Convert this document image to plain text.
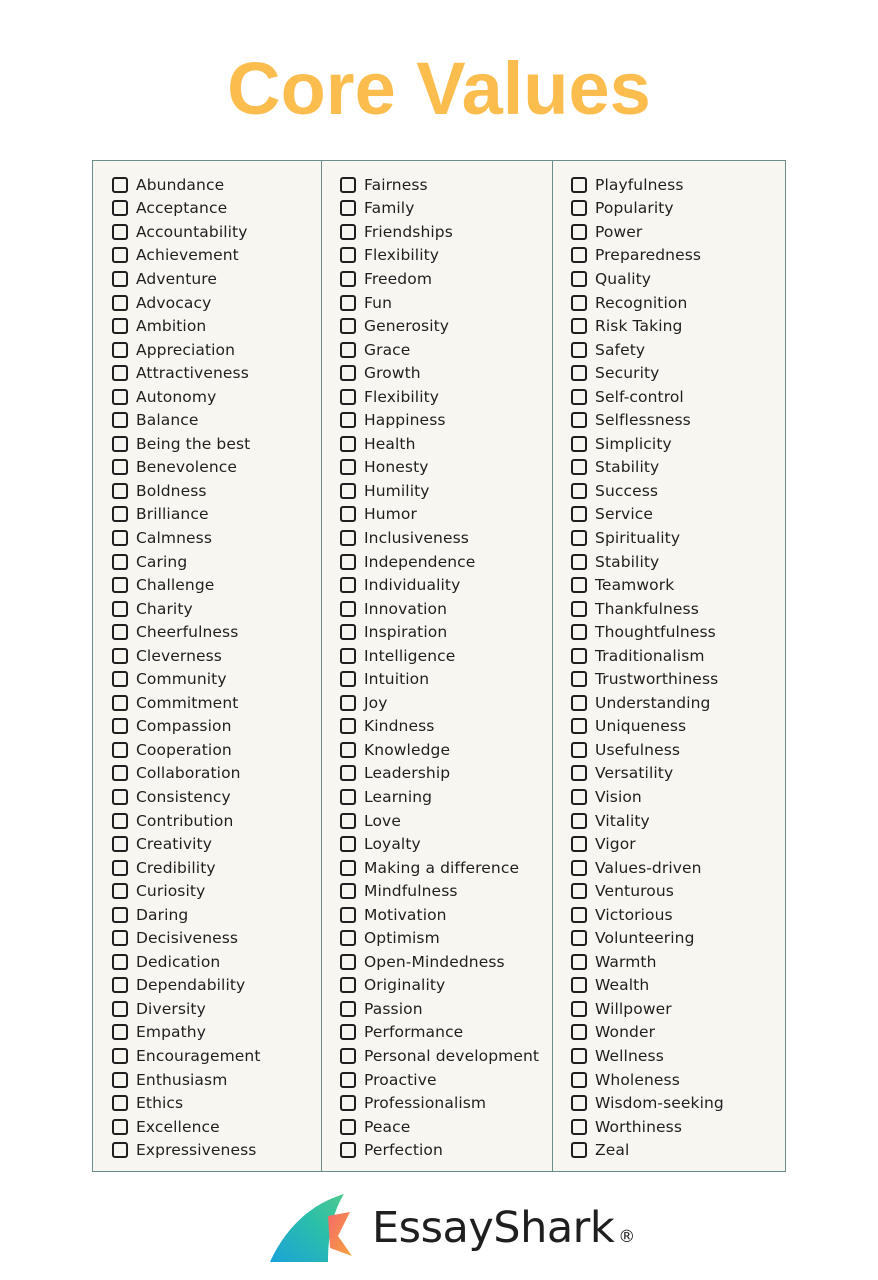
Core Values
Abundance
Acceptance
Accountability
Achievement
Adventure
Advocacy
Ambition
Appreciation
Attractiveness
Autonomy
Balance
Being the best
Benevolence
Boldness
Brilliance
Calmness
Caring
Challenge
Charity
Cheerfulness
Cleverness
Community
Commitment
Compassion
Cooperation
Collaboration
Consistency
Contribution
Creativity
Credibility
Curiosity
Daring
Decisiveness
Dedication
Dependability
Diversity
Empathy
Encouragement
Enthusiasm
Ethics
Excellence
Expressiveness
Fairness
Family
Friendships
Flexibility
Freedom
Fun
Generosity
Grace
Growth
Flexibility
Happiness
Health
Honesty
Humility
Humor
Inclusiveness
Independence
Individuality
Innovation
Inspiration
Intelligence
Intuition
Joy
Kindness
Knowledge
Leadership
Learning
Love
Loyalty
Making a difference
Mindfulness
Motivation
Optimism
Open-Mindedness
Originality
Passion
Performance
Personal development
Proactive
Professionalism
Peace
Perfection
Playfulness
Popularity
Power
Preparedness
Quality
Recognition
Risk Taking
Safety
Security
Self-control
Selflessness
Simplicity
Stability
Success
Service
Spirituality
Stability
Teamwork
Thankfulness
Thoughtfulness
Traditionalism
Trustworthiness
Understanding
Uniqueness
Usefulness
Versatility
Vision
Vitality
Vigor
Values-driven
Venturous
Victorious
Volunteering
Warmth
Wealth
Willpower
Wonder
Wellness
Wholeness
Wisdom-seeking
Worthiness
Zeal
EssayShark ®
